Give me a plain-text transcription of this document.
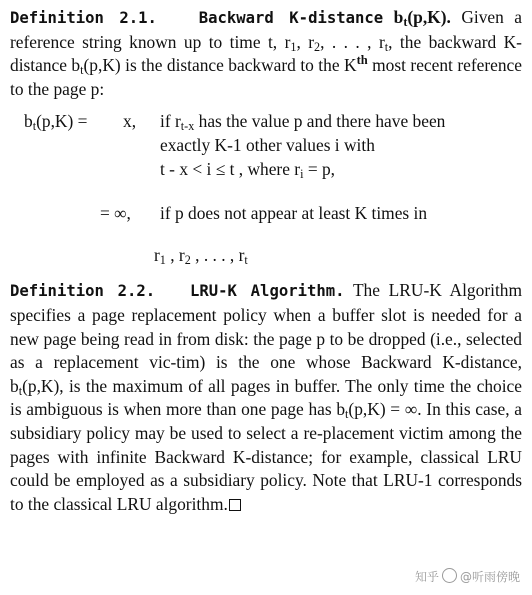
Definition 2.1.	Backward K-distance $b_t(p,K)$. Given a reference string known up to time t, $r_1$, $r_2$, . . . , $r_t$, the backward K-distance $b_t(p,K)$ is the distance backward to the $K^{th}$ most recent reference to the page p:

$b_t(p,K) = x$, if $r_{t-x}$ has the value p and there have been
exactly K-1 other values i with
t - x < i ≤ t , where $r_i = p$,
= ∞, if p does not appear at least K times in
$r_1$ , $r_2$ , . . . , $r_t$

Definition 2.2. LRU-K Algorithm. The LRU-K Algorithm specifies a page replacement policy when a buffer slot is needed for a new page being read in from disk: the page p to be dropped (i.e., selected as a replacement vic-tim) is the one whose Backward K-distance, $b_t(p,K)$, is the maximum of all pages in buffer. The only time the choice is ambiguous is when more than one page has $b_t(p,K)$ = ∞. In this case, a subsidiary policy may be used to select a re-placement victim among the pages with infinite Backward K-distance; for example, classical LRU could be employed as a subsidiary policy. Note that LRU-1 corresponds to the classical LRU algorithm.

知乎 @听雨傍晚
